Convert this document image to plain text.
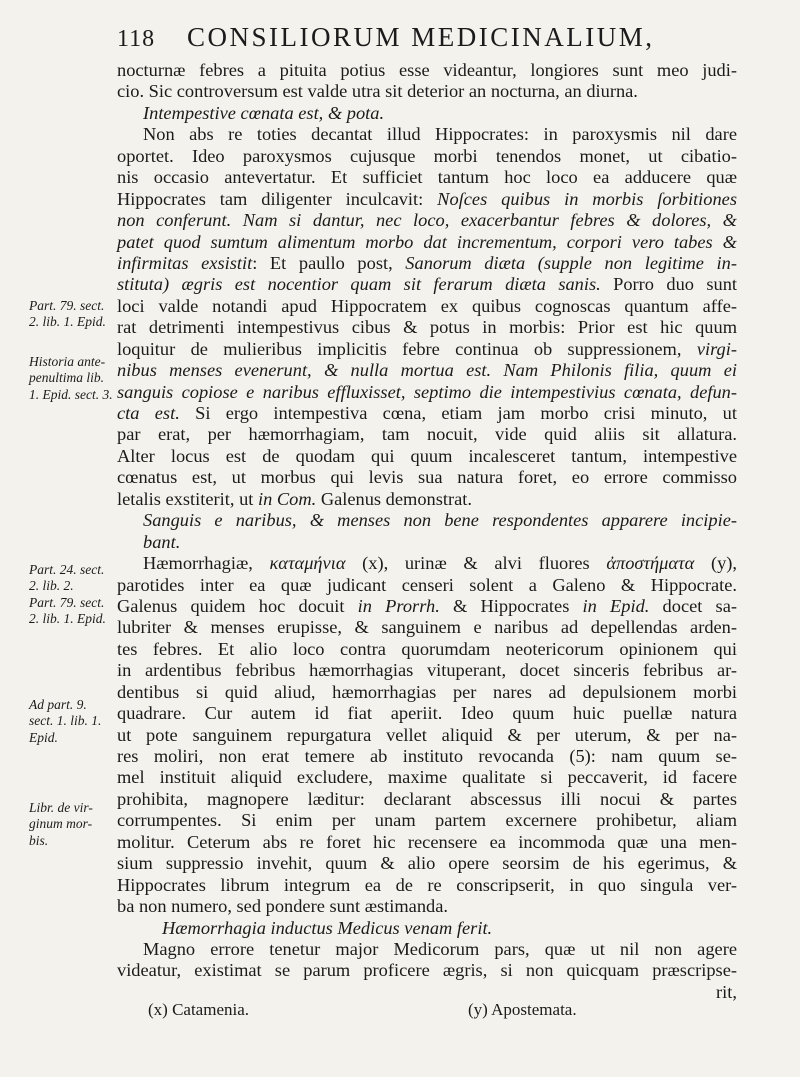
118 CONSILIORUM MEDICINALIUM,
nocturnæ febres a pituita potius esse videantur, longiores sunt meo judi-
cio. Sic controversum est valde utra sit deterior an nocturna, an diurna.
Intempestive cœnata est, & pota.
Non abs re toties decantat illud Hippocrates: in paroxysmis nil dare
oportet. Ideo paroxysmos cujusque morbi tenendos monet, ut cibatio-
nis occasio antevertatur. Et sufficiet tantum hoc loco ea adducere quæ
Hippocrates tam diligenter inculcavit: Noſces quibus in morbis ſorbitiones
non conferunt. Nam si dantur, nec loco, exacerbantur febres & dolores, &
patet quod sumtum alimentum morbo dat incrementum, corpori vero tabes &
infirmitas exsistit: Et paullo post, Sanorum diæta (supple non legitime in-
stituta) ægris est nocentior quam sit ferarum diæta sanis. Porro duo sunt
loci valde notandi apud Hippocratem ex quibus cognoscas quantum affe-
rat detrimenti intempestivus cibus & potus in morbis: Prior est hic quum
loquitur de mulieribus implicitis febre continua ob suppressionem, virgi-
nibus menses evenerunt, & nulla mortua est. Nam Philonis filia, quum ei
sanguis copiose e naribus effluxisset, septimo die intempestivius cœnata, defun-
cta est. Si ergo intempestiva cœna, etiam jam morbo crisi minuto, ut
par erat, per hæmorrhagiam, tam nocuit, vide quid aliis sit allatura.
Alter locus est de quodam qui quum incalesceret tantum, intempestive
cœnatus est, ut morbus qui levis sua natura foret, eo errore commisso
letalis exstiterit, ut in Com. Galenus demonstrat.
Sanguis e naribus, & menses non bene respondentes apparere incipie-
bant.
Hæmorrhagiæ, καταμήνια (x), urinæ & alvi fluores ἀποστήματα (y),
parotides inter ea quæ judicant censeri solent a Galeno & Hippocrate.
Galenus quidem hoc docuit in Prorrh. & Hippocrates in Epid. docet sa-
lubriter & menses erupisse, & sanguinem e naribus ad depellendas arden-
tes febres. Et alio loco contra quorumdam neotericorum opinionem qui
in ardentibus febribus hæmorrhagias vituperant, docet sinceris febribus ar-
dentibus si quid aliud, hæmorrhagias per nares ad depulsionem morbi
quadrare. Cur autem id fiat aperiit. Ideo quum huic puellæ natura
ut pote sanguinem repurgatura vellet aliquid & per uterum, & per na-
res moliri, non erat temere ab instituto revocanda (5): nam quum se-
mel instituit aliquid excludere, maxime qualitate si peccaverit, id facere
prohibita, magnopere læditur: declarant abscessus illi nocui & partes
corrumpentes. Si enim per unam partem excernere prohibetur, aliam
molitur. Ceterum abs re foret hic recensere ea incommoda quæ una men-
sium suppressio invehit, quum & alio opere seorsim de his egerimus, &
Hippocrates librum integrum ea de re conscripserit, in quo singula ver-
ba non numero, sed pondere sunt æstimanda.
Hæmorrhagia inductus Medicus venam ferit.
Magno errore tenetur major Medicorum pars, quæ ut nil non agere
videatur, existimat se parum proficere ægris, si non quicquam præscripse-
rit,
Part. 79. sect.
2. lib. 1. Epid.
Historia ante-
penultima lib.
1. Epid. sect. 3.
Part. 24. sect.
2. lib. 2.
Part. 79. sect.
2. lib. 1. Epid.
Ad part. 9.
sect. 1. lib. 1.
Epid.
Libr. de vir-
ginum mor-
bis.
(x) Catamenia.	(y) Apostemata.
